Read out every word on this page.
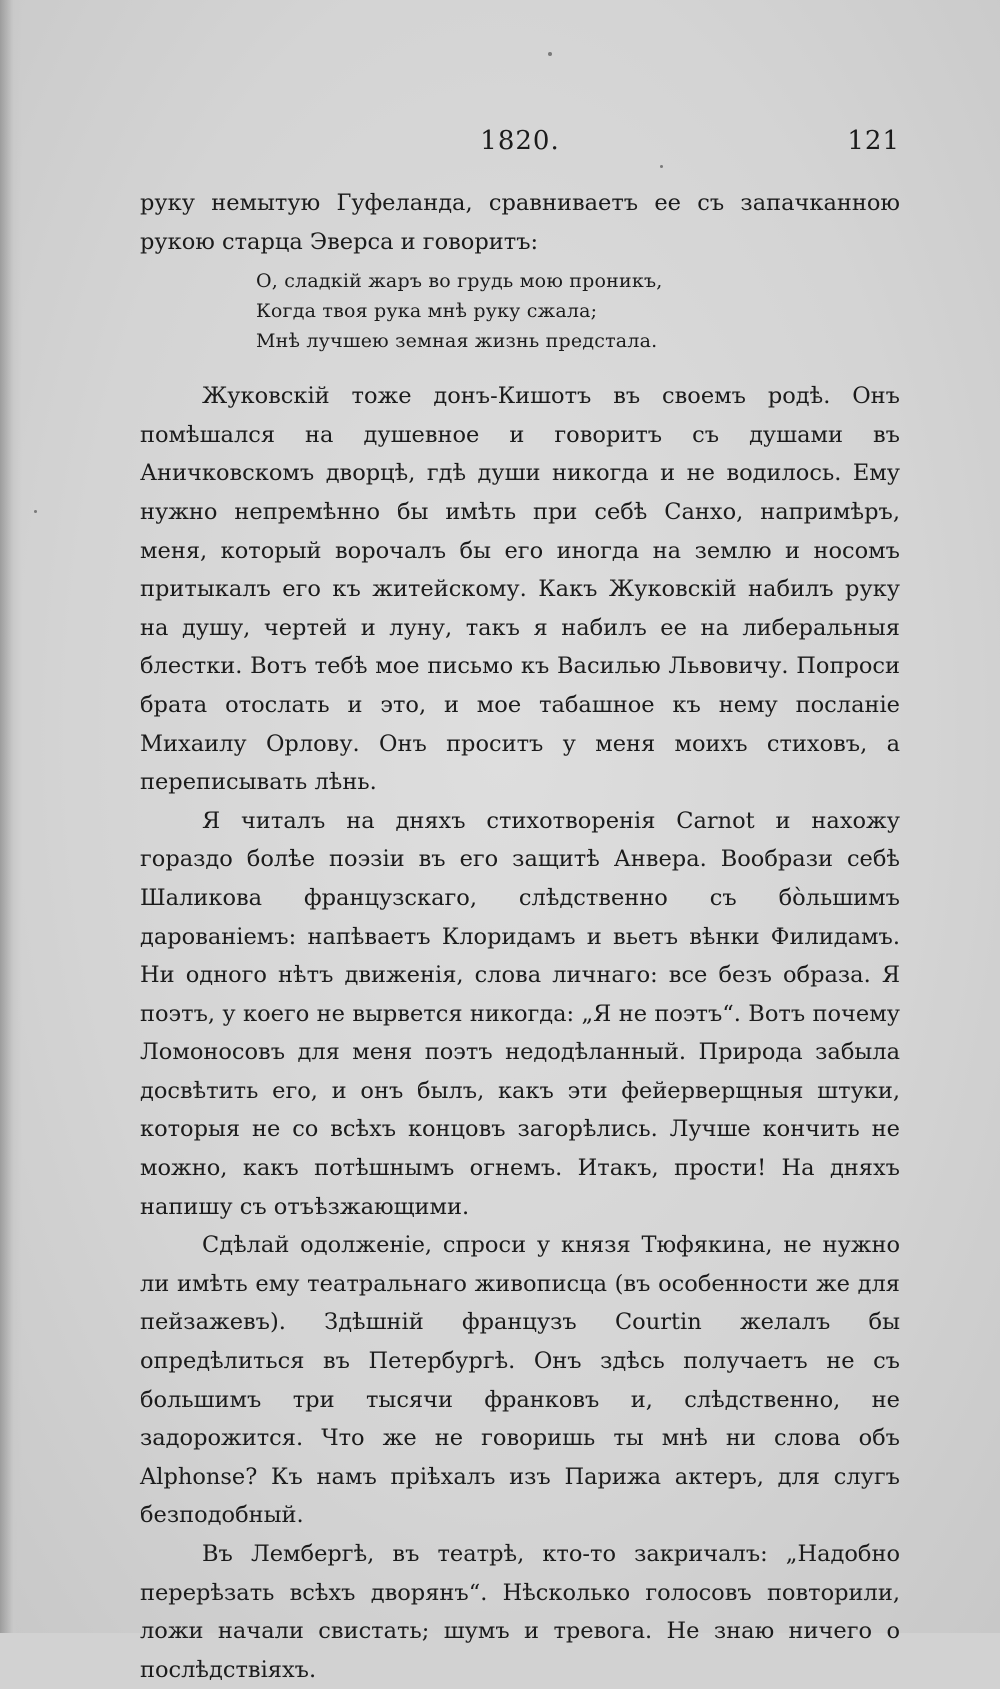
1820.	121

руку немытую Гуфеланда, сравниваетъ ее съ запачканною рукою старца Эверса и говоритъ:

О, сладкій жаръ во грудь мою проникъ,
Когда твоя рука мнѣ руку сжала;
Мнѣ лучшею земная жизнь предстала.

Жуковскій тоже донъ-Кишотъ въ своемъ родѣ. Онъ помѣшался на душевное и говоритъ съ душами въ Аничковскомъ дворцѣ, гдѣ души никогда и не водилось. Ему нужно непремѣнно бы имѣть при себѣ Санхо, напримѣръ, меня, который ворочалъ бы его иногда на землю и носомъ притыкалъ его къ житейскому. Какъ Жуковскій набилъ руку на душу, чертей и луну, такъ я набилъ ее на либеральныя блестки. Вотъ тебѣ мое письмо къ Василью Львовичу. Попроси брата отослать и это, и мое табашное къ нему посланіе Михаилу Орлову. Онъ проситъ у меня моихъ стиховъ, а переписывать лѣнь.

Я читалъ на дняхъ стихотворенія Carnot и нахожу гораздо болѣе поэзіи въ его защитѣ Анвера. Вообрази себѣ Шаликова французскаго, слѣдственно съ бо̀льшимъ дарованіемъ: напѣваетъ Клоридамъ и вьетъ вѣнки Филидамъ. Ни одного нѣтъ движенія, слова личнаго: все безъ образа. Я поэтъ, у коего не вырвется никогда: „Я не поэтъ“. Вотъ почему Ломоносовъ для меня поэтъ недодѣланный. Природа забыла досвѣтить его, и онъ былъ, какъ эти фейерверщныя штуки, которыя не со всѣхъ концовъ загорѣлись. Лучше кончить не можно, какъ потѣшнымъ огнемъ. Итакъ, прости! На дняхъ напишу съ отъѣзжающими.

Сдѣлай одолженіе, спроси у князя Тюфякина, не нужно ли имѣть ему театральнаго живописца (въ особенности же для пейзажевъ). Здѣшній французъ Courtin желалъ бы опредѣлиться въ Петербургѣ. Онъ здѣсь получаетъ не съ большимъ три тысячи франковъ и, слѣдственно, не задорожится. Что же не говоришь ты мнѣ ни слова объ Alphonse? Къ намъ пріѣхалъ изъ Парижа актеръ, для слугъ безподобный.

Въ Лембергѣ, въ театрѣ, кто-то закричалъ: „Надобно перерѣзать всѣхъ дворянъ“. Нѣсколько голосовъ повторили, ложи начали свистать; шумъ и тревога. Не знаю ничего о послѣдствіяхъ.
